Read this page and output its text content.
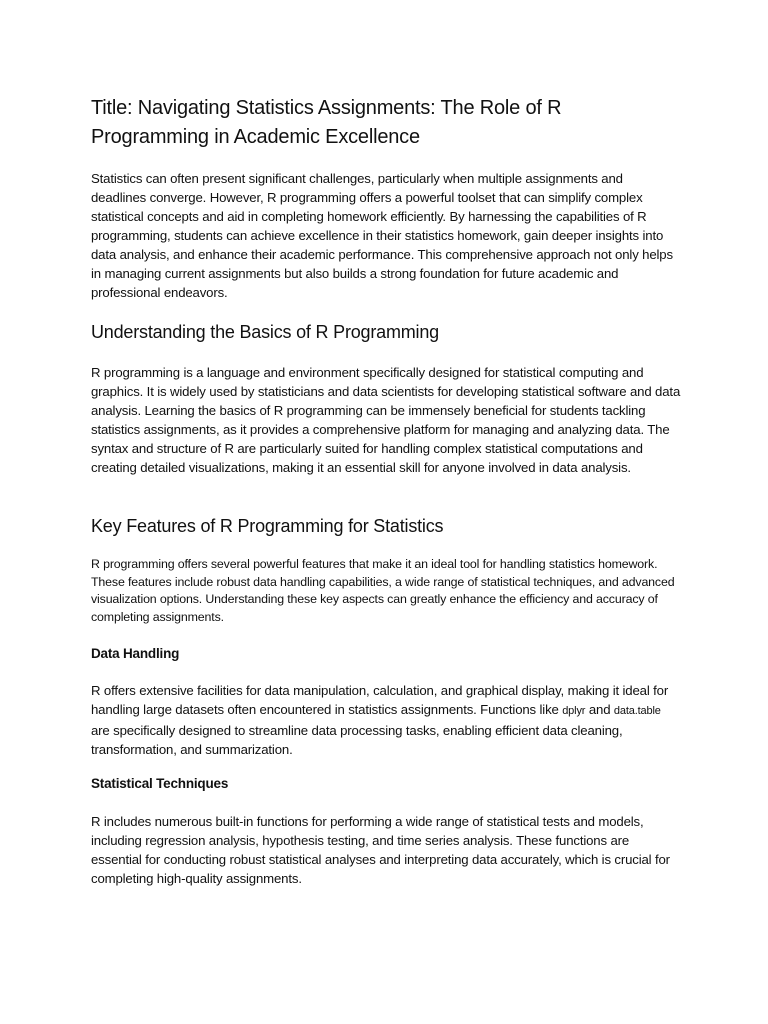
Title: Navigating Statistics Assignments: The Role of R Programming in Academic Excellence

Statistics can often present significant challenges, particularly when multiple assignments and deadlines converge. However, R programming offers a powerful toolset that can simplify complex statistical concepts and aid in completing homework efficiently. By harnessing the capabilities of R programming, students can achieve excellence in their statistics homework, gain deeper insights into data analysis, and enhance their academic performance. This comprehensive approach not only helps in managing current assignments but also builds a strong foundation for future academic and professional endeavors.

Understanding the Basics of R Programming

R programming is a language and environment specifically designed for statistical computing and graphics. It is widely used by statisticians and data scientists for developing statistical software and data analysis. Learning the basics of R programming can be immensely beneficial for students tackling statistics assignments, as it provides a comprehensive platform for managing and analyzing data. The syntax and structure of R are particularly suited for handling complex statistical computations and creating detailed visualizations, making it an essential skill for anyone involved in data analysis.

Key Features of R Programming for Statistics

R programming offers several powerful features that make it an ideal tool for handling statistics homework. These features include robust data handling capabilities, a wide range of statistical techniques, and advanced visualization options. Understanding these key aspects can greatly enhance the efficiency and accuracy of completing assignments.

Data Handling

R offers extensive facilities for data manipulation, calculation, and graphical display, making it ideal for handling large datasets often encountered in statistics assignments. Functions like dplyr and data.table are specifically designed to streamline data processing tasks, enabling efficient data cleaning, transformation, and summarization.

Statistical Techniques

R includes numerous built-in functions for performing a wide range of statistical tests and models, including regression analysis, hypothesis testing, and time series analysis. These functions are essential for conducting robust statistical analyses and interpreting data accurately, which is crucial for completing high-quality assignments.
